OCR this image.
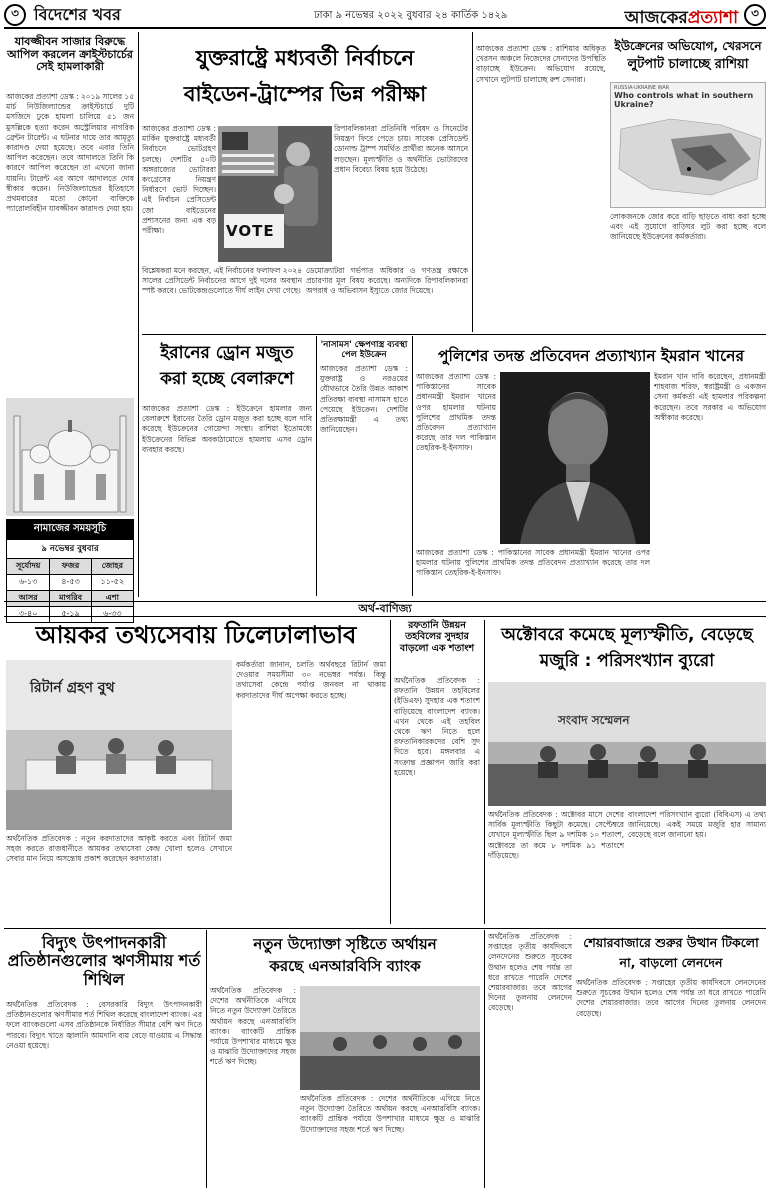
৩ বিদেশের খবর	ঢাকা ৯ নভেম্বর ২০২২ বুধবার ২৪ কার্তিক ১৪২৯	আজকেরপ্রত্যাশা	৩
যাবজ্জীবন সাজার বিরুদ্ধে আপিল করলেন ক্রাইস্টচার্চের সেই হামলাকারী
আজকের প্রত্যাশা ডেস্ক : ২০১৯ সালের ১৫ মার্চ নিউজিল্যান্ডের ক্রাইস্টচার্চে দুটি মসজিদে ঢুকে হামলা চালিয়ে ৫১ জন মুসল্লিকে হত্যা করেন অস্ট্রেলিয়ার নাগরিক ব্রেন্টন টারেন্ট। এ ঘটনার দায়ে তার আমৃত্যু কারাদণ্ড দেয়া হয়েছে। তবে এবার তিনি আপিল করেছেন। তবে আদালতে তিনি কি কারণে আপিল করেছেন তা এখনো জানা যায়নি। টারেন্ট এর আগে আদালতে দোষ স্বীকার করেন। নিউজিল্যান্ডের ইতিহাসে প্রথমবারের মতো কোনো ব্যক্তিকে প্যারোলবিহীন যাবজ্জীবন কারাদণ্ড দেয়া হয়।
নামাজের সময়সূচি
৯ নভেম্বর বুধবার
সূর্যোদয়	ফজর	জোহর
৬-১৩	৪-৫৩	১১-৫২
আসর	মাগরিব	এশা
৩-৪০	৫-১৯	৬-৩৩
যুক্তরাষ্ট্রে মধ্যবর্তী নির্বাচনে
বাইডেন-ট্রাম্পের ভিন্ন পরীক্ষা
VOTE
আজকের প্রত্যাশা ডেস্ক : মার্কিন যুক্তরাষ্ট্রে মধ্যবর্তী নির্বাচনে ভোটগ্রহণ চলছে। দেশটির ৫০টি অঙ্গরাজ্যের ভোটাররা কংগ্রেসের নিয়ন্ত্রণ নির্ধারণে ভোট দিচ্ছেন। এই নির্বাচন প্রেসিডেন্ট জো বাইডেনের প্রশাসনের জন্য এক বড় পরীক্ষা।
রিপাবলিকানরা প্রতিনিধি পরিষদ ও সিনেটের নিয়ন্ত্রণ ফিরে পেতে চায়। সাবেক প্রেসিডেন্ট ডোনাল্ড ট্রাম্প সমর্থিত প্রার্থীরা অনেক আসনে লড়ছেন। মূল্যস্ফীতি ও অর্থনীতি ভোটারদের প্রধান বিবেচ্য বিষয় হয়ে উঠেছে।
বিশ্লেষকরা মনে করছেন, এই নির্বাচনের ফলাফল ২০২৪ সালের প্রেসিডেন্ট নির্বাচনের আগে দুই দলের অবস্থান স্পষ্ট করবে। ভোটকেন্দ্রগুলোতে দীর্ঘ লাইন দেখা গেছে।
ডেমোক্র্যাটরা গর্ভপাত অধিকার ও গণতন্ত্র রক্ষাকে প্রচারণার মূল বিষয় করেছে। অন্যদিকে রিপাবলিকানরা অপরাধ ও অভিবাসন ইস্যুতে জোর দিয়েছে।
আজকের প্রত্যাশা ডেস্ক : রাশিয়ার অধিকৃত খেরসন অঞ্চলে নিজেদের সেনাদের উপস্থিতি বাড়াচ্ছে ইউক্রেন। অভিযোগ রয়েছে, সেখানে লুটপাট চালাচ্ছে রুশ সেনারা।
ইউক্রেনের অভিযোগ, খেরসনে
লুটপাট চালাচ্ছে রাশিয়া
RUSSIA-UKRAINE WAR
Who controls what in southern Ukraine?
লোকজনকে জোর করে বাড়ি ছাড়তে বাধ্য করা হচ্ছে এবং এই সুযোগে বাড়িঘর লুট করা হচ্ছে বলে জানিয়েছে ইউক্রেনের কর্মকর্তারা।
ইরানের ড্রোন মজুত
করা হচ্ছে বেলারুশে
আজকের প্রত্যাশা ডেস্ক : ইউক্রেনে হামলার জন্য বেলারুশে ইরানের তৈরি ড্রোন মজুত করা হচ্ছে বলে দাবি করেছে ইউক্রেনের গোয়েন্দা সংস্থা। রাশিয়া ইতোমধ্যে ইউক্রেনের বিভিন্ন অবকাঠামোতে হামলায় এসব ড্রোন ব্যবহার করছে।
'নাসামস' ক্ষেপণাস্ত্র ব্যবস্থা পেল ইউক্রেন
আজকের প্রত্যাশা ডেস্ক : যুক্তরাষ্ট্র ও নরওয়ের যৌথভাবে তৈরি উন্নত আকাশ প্রতিরক্ষা ব্যবস্থা নাসামস হাতে পেয়েছে ইউক্রেন। দেশটির প্রতিরক্ষামন্ত্রী এ তথ্য জানিয়েছেন।
পুলিশের তদন্ত প্রতিবেদন প্রত্যাখ্যান ইমরান খানের
আজকের প্রত্যাশা ডেস্ক : পাকিস্তানের সাবেক প্রধানমন্ত্রী ইমরান খানের ওপর হামলার ঘটনায় পুলিশের প্রাথমিক তদন্ত প্রতিবেদন প্রত্যাখ্যান করেছে তার দল পাকিস্তান তেহরিক-ই-ইনসাফ।
ইমরান খান দাবি করেছেন, প্রধানমন্ত্রী শাহবাজ শরিফ, স্বরাষ্ট্রমন্ত্রী ও একজন সেনা কর্মকর্তা এই হামলার পরিকল্পনা করেছেন। তবে সরকার এ অভিযোগ অস্বীকার করেছে।
আজকের প্রত্যাশা ডেস্ক : পাকিস্তানের সাবেক প্রধানমন্ত্রী ইমরান খানের ওপর হামলার ঘটনায় পুলিশের প্রাথমিক তদন্ত প্রতিবেদন প্রত্যাখ্যান করেছে তার দল পাকিস্তান তেহরিক-ই-ইনসাফ।
অর্থ-বাণিজ্য
আয়কর তথ্যসেবায় ঢিলেঢালাভাব
রিটার্ন গ্রহণ বুথ
অর্থনৈতিক প্রতিবেদক : নতুন করদাতাদের আকৃষ্ট করতে এবং রিটার্ন জমা সহজ করতে রাজধানীতে আয়কর তথ্যসেবা কেন্দ্র খোলা হলেও সেখানে সেবার মান নিয়ে অসন্তোষ প্রকাশ করেছেন করদাতারা।
কর্মকর্তারা জানান, চলতি অর্থবছরে রিটার্ন জমা দেওয়ার সময়সীমা ৩০ নভেম্বর পর্যন্ত। কিন্তু তথ্যসেবা কেন্দ্রে পর্যাপ্ত জনবল না থাকায় করদাতাদের দীর্ঘ অপেক্ষা করতে হচ্ছে।
রফতানি উন্নয়ন তহবিলের সুদহার বাড়লো এক শতাংশ
অর্থনৈতিক প্রতিবেদক : রফতানি উন্নয়ন তহবিলের (ইডিএফ) সুদহার এক শতাংশ বাড়িয়েছে বাংলাদেশ ব্যাংক। এখন থেকে এই তহবিল থেকে ঋণ নিতে হলে রফতানিকারকদের বেশি সুদ দিতে হবে। মঙ্গলবার এ সংক্রান্ত প্রজ্ঞাপন জারি করা হয়েছে।
অক্টোবরে কমেছে মূল্যস্ফীতি, বেড়েছে
মজুরি : পরিসংখ্যান ব্যুরো
সংবাদ সম্মেলন
অর্থনৈতিক প্রতিবেদক : অক্টোবর মাসে দেশের সার্বিক মূল্যস্ফীতি কিছুটা কমেছে। সেপ্টেম্বরে যেখানে মূল্যস্ফীতি ছিল ৯ দশমিক ১০ শতাংশ, অক্টোবরে তা কমে ৮ দশমিক ৯১ শতাংশে দাঁড়িয়েছে।
বাংলাদেশ পরিসংখ্যান ব্যুরো (বিবিএস) এ তথ্য জানিয়েছে। একই সময়ে মজুরি হার সামান্য বেড়েছে বলে জানানো হয়।
বিদ্যুৎ উৎপাদনকারী প্রতিষ্ঠানগুলোর ঋণসীমায় শর্ত শিথিল
অর্থনৈতিক প্রতিবেদক : বেসরকারি বিদ্যুৎ উৎপাদনকারী প্রতিষ্ঠানগুলোর ঋণসীমার শর্ত শিথিল করেছে বাংলাদেশ ব্যাংক। এর ফলে ব্যাংকগুলো এসব প্রতিষ্ঠানকে নির্ধারিত সীমার বেশি ঋণ দিতে পারবে। বিদ্যুৎ খাতে জ্বালানি আমদানি ব্যয় বেড়ে যাওয়ায় এ সিদ্ধান্ত নেওয়া হয়েছে।
নতুন উদ্যোক্তা সৃষ্টিতে অর্থায়ন
করছে এনআরবিসি ব্যাংক
অর্থনৈতিক প্রতিবেদক : দেশের অর্থনীতিকে এগিয়ে নিতে নতুন উদ্যোক্তা তৈরিতে অর্থায়ন করছে এনআরবিসি ব্যাংক। ব্যাংকটি প্রান্তিক পর্যায়ে উপশাখার মাধ্যমে ক্ষুদ্র ও মাঝারি উদ্যোক্তাদের সহজ শর্তে ঋণ দিচ্ছে।
অর্থনৈতিক প্রতিবেদক : দেশের অর্থনীতিকে এগিয়ে নিতে নতুন উদ্যোক্তা তৈরিতে অর্থায়ন করছে এনআরবিসি ব্যাংক। ব্যাংকটি প্রান্তিক পর্যায়ে উপশাখার মাধ্যমে ক্ষুদ্র ও মাঝারি উদ্যোক্তাদের সহজ শর্তে ঋণ দিচ্ছে।
অর্থনৈতিক প্রতিবেদক : সপ্তাহের তৃতীয় কার্যদিবসে লেনদেনের শুরুতে সূচকের উত্থান হলেও শেষ পর্যন্ত তা ধরে রাখতে পারেনি দেশের শেয়ারবাজার। তবে আগের দিনের তুলনায় লেনদেন বেড়েছে।
শেয়ারবাজারে শুরুর উত্থান টিকলো
না, বাড়লো লেনদেন
অর্থনৈতিক প্রতিবেদক : সপ্তাহের তৃতীয় কার্যদিবসে লেনদেনের শুরুতে সূচকের উত্থান হলেও শেষ পর্যন্ত তা ধরে রাখতে পারেনি দেশের শেয়ারবাজার। তবে আগের দিনের তুলনায় লেনদেন বেড়েছে।
